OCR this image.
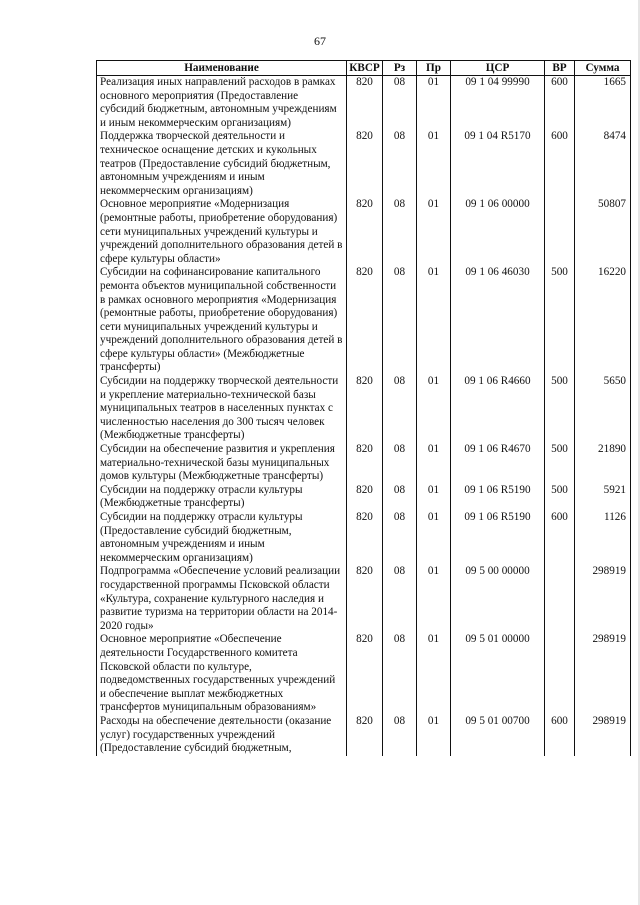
67
Наименование	КВСР	Рз	Пр	ЦСР	ВР	Сумма
Реализация иных направлений расходов в рамках основного мероприятия (Предоставление субсидий бюджетным, автономным учреждениям и иным некоммерческим организациям)	820	08	01	09 1 04 99990	600	1665
Поддержка творческой деятельности и техническое оснащение детских и кукольных театров (Предоставление субсидий бюджетным, автономным учреждениям и иным некоммерческим организациям)	820	08	01	09 1 04 R5170	600	8474
Основное мероприятие «Модернизация (ремонтные работы, приобретение оборудования) сети муниципальных учреждений культуры и учреждений дополнительного образования детей в сфере культуры области»	820	08	01	09 1 06 00000		50807
Субсидии на софинансирование капитального ремонта объектов муниципальной собственности в рамках основного мероприятия «Модернизация (ремонтные работы, приобретение оборудования) сети муниципальных учреждений культуры и учреждений дополнительного образования детей в сфере культуры области» (Межбюджетные трансферты)	820	08	01	09 1 06 46030	500	16220
Субсидии на поддержку творческой деятельности и укрепление материально-технической базы муниципальных театров в населенных пунктах с численностью населения до 300 тысяч человек (Межбюджетные трансферты)	820	08	01	09 1 06 R4660	500	5650
Субсидии на обеспечение развития и укрепления материально-технической базы муниципальных домов культуры (Межбюджетные трансферты)	820	08	01	09 1 06 R4670	500	21890
Субсидии на поддержку отрасли культуры (Межбюджетные трансферты)	820	08	01	09 1 06 R5190	500	5921
Субсидии на поддержку отрасли культуры (Предоставление субсидий бюджетным, автономным учреждениям и иным некоммерческим организациям)	820	08	01	09 1 06 R5190	600	1126
Подпрограмма «Обеспечение условий реализации государственной программы Псковской области «Культура, сохранение культурного наследия и развитие туризма на территории области на 2014-2020 годы»	820	08	01	09 5 00 00000		298919
Основное мероприятие «Обеспечение деятельности Государственного комитета Псковской области по культуре, подведомственных государственных учреждений и обеспечение выплат межбюджетных трансфертов муниципальным образованиям»	820	08	01	09 5 01 00000		298919
Расходы на обеспечение деятельности (оказание услуг) государственных учреждений (Предоставление субсидий бюджетным,	820	08	01	09 5 01 00700	600	298919
